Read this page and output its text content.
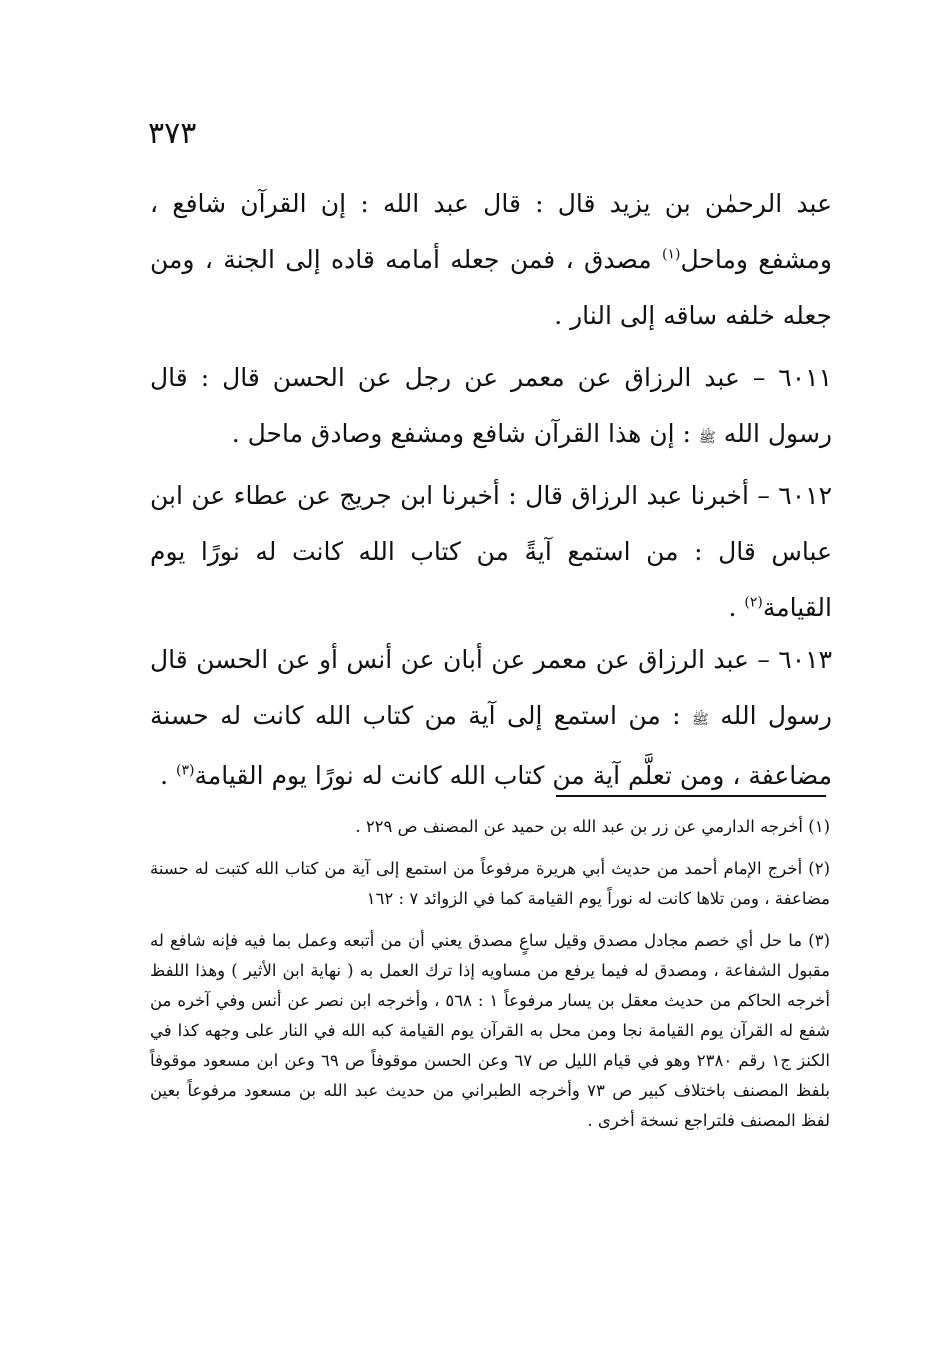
٣٧٣

عبد الرحمٰن بن يزيد قال : قال عبد الله : إن القرآن شافع ، ومشفع وماحل$^{(١)}$ مصدق ، فمن جعله أمامه قاده إلى الجنة ، ومن جعله خلفه ساقه إلى النار .

٦٠١١ – عبد الرزاق عن معمر عن رجل عن الحسن قال : قال رسول الله ﷺ : إن هذا القرآن شافع ومشفع وصادق ماحل .

٦٠١٢ – أخبرنا عبد الرزاق قال : أخبرنا ابن جريج عن عطاء عن ابن عباس قال : من استمع آيةً من كتاب الله كانت له نورًا يوم القيامة$^{(٢)}$ .

٦٠١٣ – عبد الرزاق عن معمر عن أبان عن أنس أو عن الحسن قال رسول الله ﷺ : من استمع إلى آية من كتاب الله كانت له حسنة مضاعفة ، ومن تعلَّم آية من كتاب الله كانت له نورًا يوم القيامة$^{(٣)}$ .

(١) أخرجه الدارمي عن زر بن عبد الله بن حميد عن المصنف ص ٢٢٩ .

(٢) أخرج الإمام أحمد من حديث أبي هريرة مرفوعاً من استمع إلى آية من كتاب الله كتبت له حسنة مضاعفة ، ومن تلاها كانت له نوراً يوم القيامة كما في الزوائد ٧ : ١٦٢

(٣) ما حل أي خصم مجادل مصدق وقيل ساعٍ مصدق يعني أن من أتبعه وعمل بما فيه فإنه شافع له مقبول الشفاعة ، ومصدق له فيما يرفع من مساويه إذا ترك العمل به ( نهاية ابن الأثير ) وهذا اللفظ أخرجه الحاكم من حديث معقل بن يسار مرفوعاً ١ : ٥٦٨ ، وأخرجه ابن نصر عن أنس وفي آخره من شفع له القرآن يوم القيامة نجا ومن محل به القرآن يوم القيامة كبه الله في النار على وجهه كذا في الكنز ج١ رقم ٢٣٨٠ وهو في قيام الليل ص ٦٧ وعن الحسن موقوفاً ص ٦٩ وعن ابن مسعود موقوفاً بلفظ المصنف باختلاف كبير ص ٧٣ وأخرجه الطبراني من حديث عبد الله بن مسعود مرفوعاً بعين لفظ المصنف فلتراجع نسخة أخرى .
